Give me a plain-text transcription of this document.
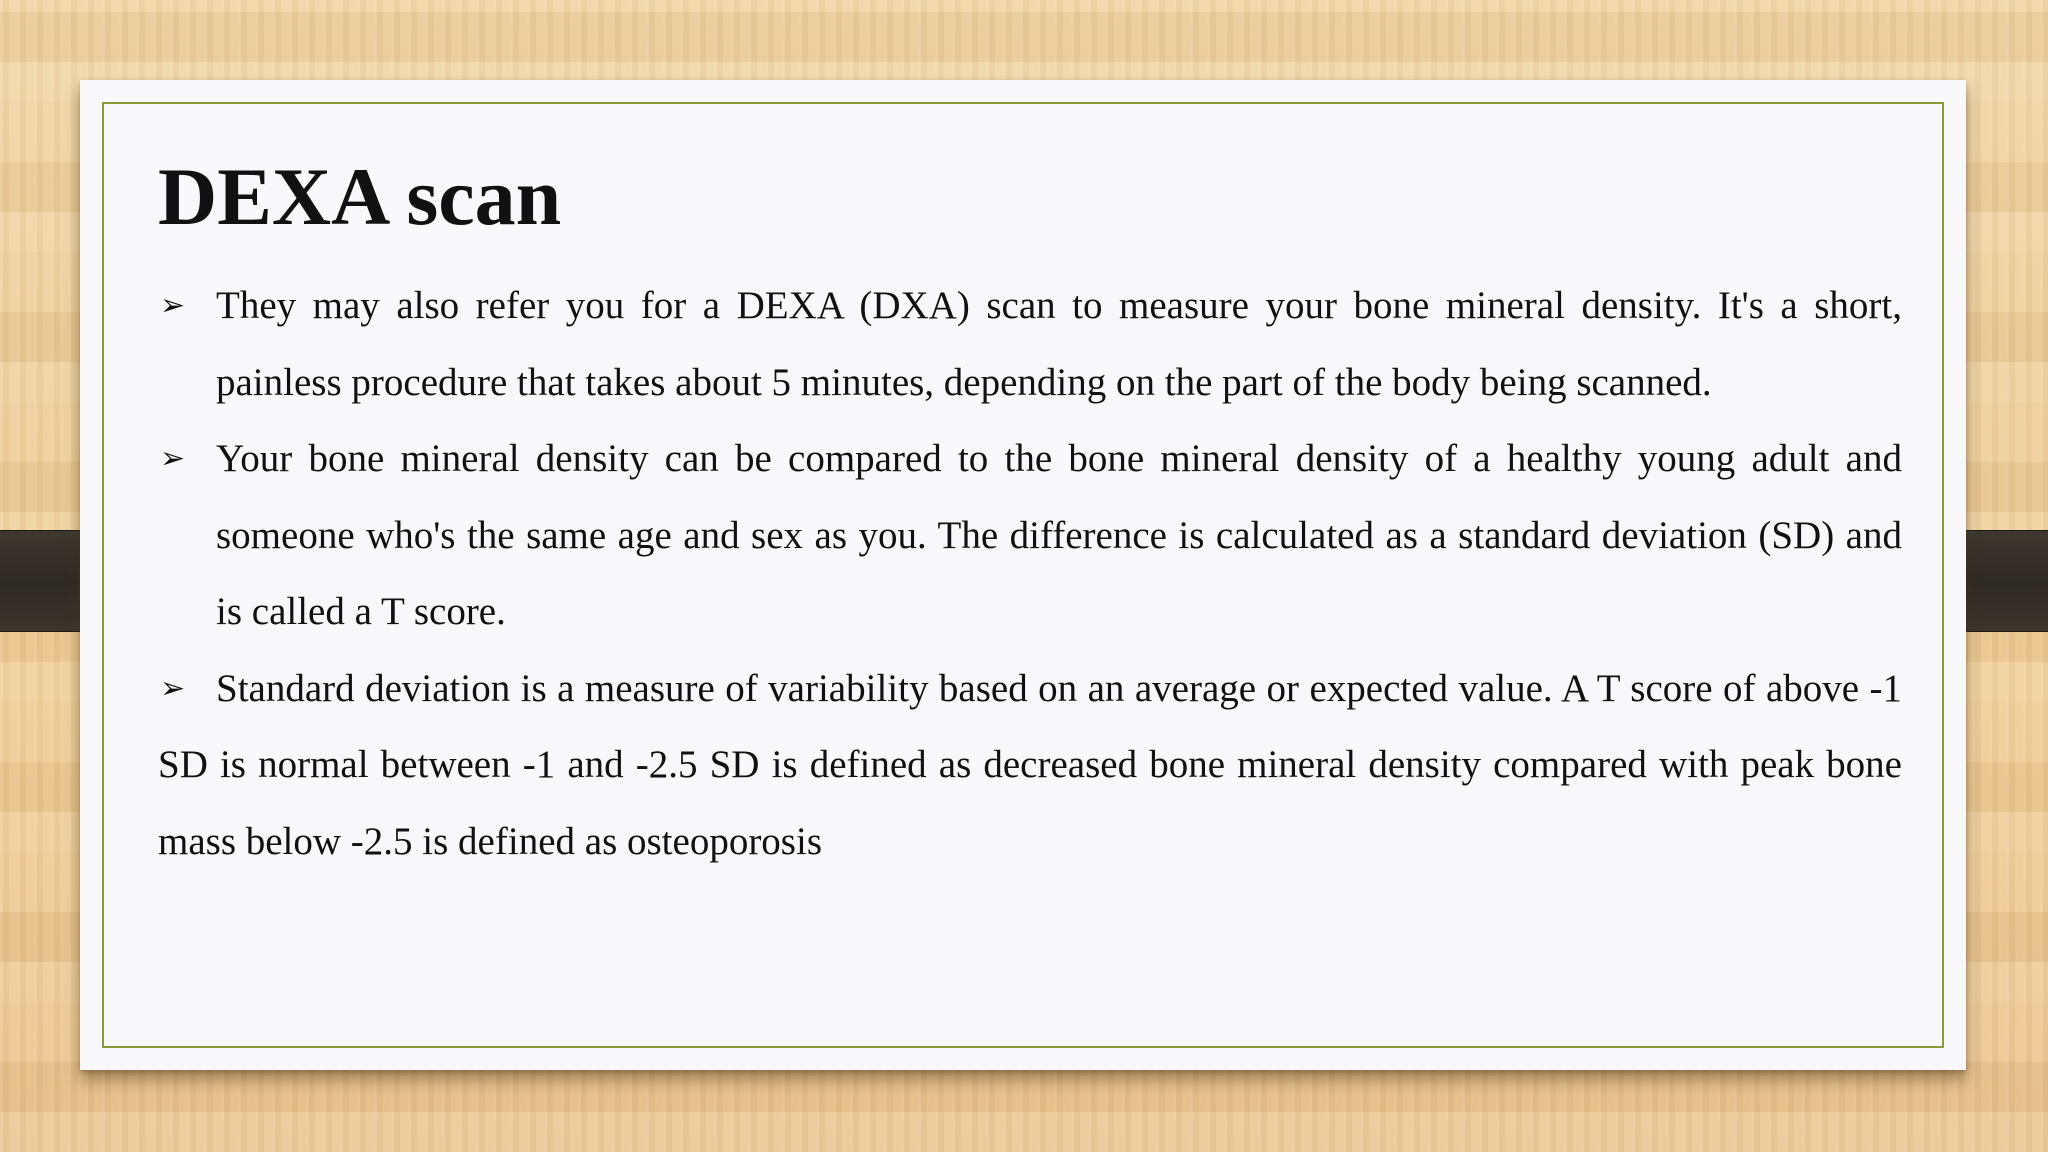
DEXA scan
➢ They may also refer you for a DEXA (DXA) scan to measure your bone mineral density. It's a short, painless procedure that takes about 5 minutes, depending on the part of the body being scanned.
➢ Your bone mineral density can be compared to the bone mineral density of a healthy young adult and someone who's the same age and sex as you. The difference is calculated as a standard deviation (SD) and is called a T score.
➢ Standard deviation is a measure of variability based on an average or expected value. A T score of above -1 SD is normal between -1 and -2.5 SD is defined as decreased bone mineral density compared with peak bone mass below -2.5 is defined as osteoporosis
